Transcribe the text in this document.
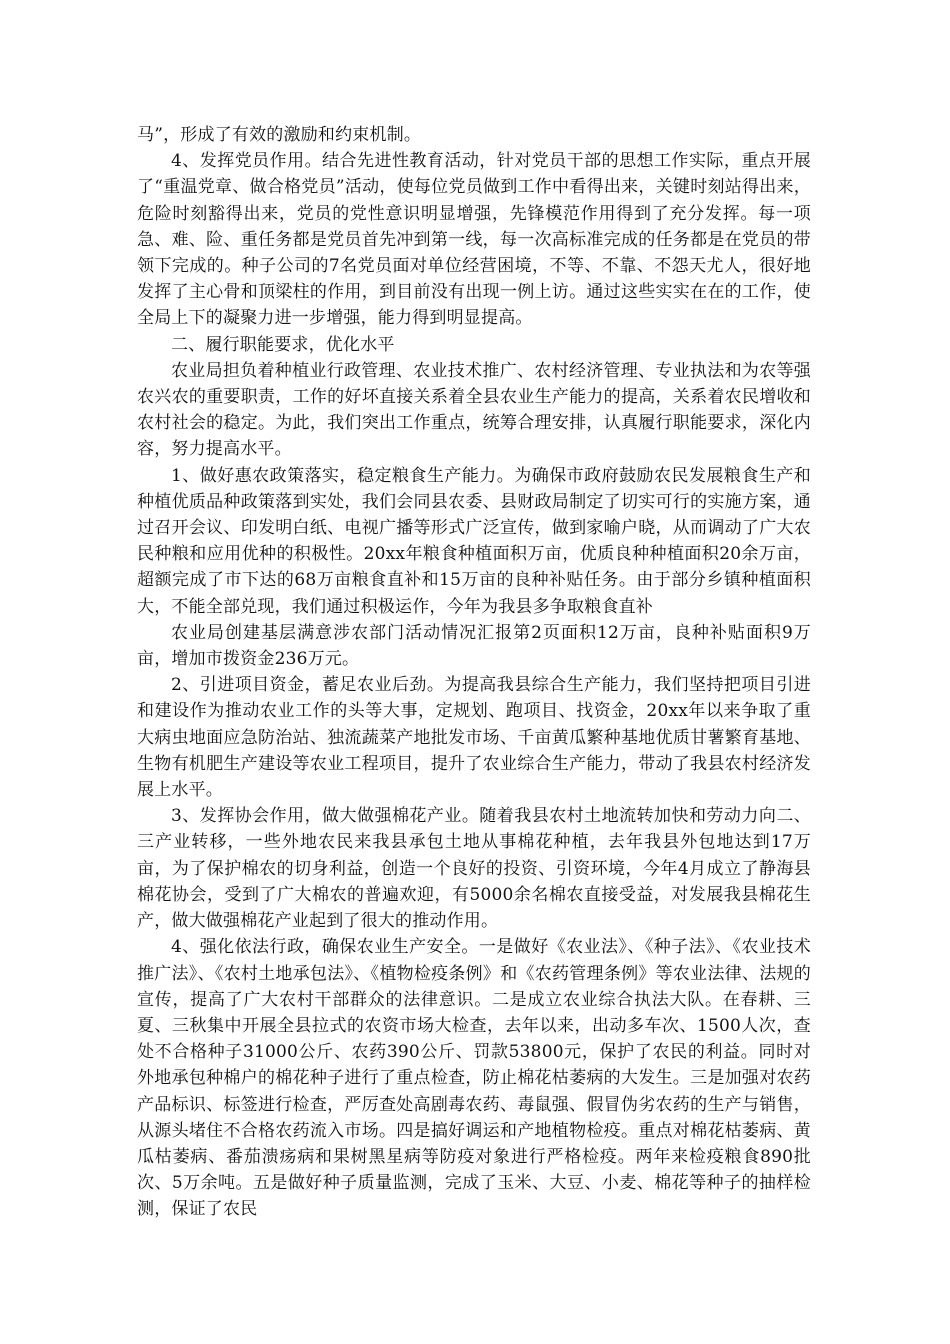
马”，形成了有效的激励和约束机制。

4、发挥党员作用。结合先进性教育活动，针对党员干部的思想工作实际，重点开展了“重温党章、做合格党员”活动，使每位党员做到工作中看得出来，关键时刻站得出来，危险时刻豁得出来，党员的党性意识明显增强，先锋模范作用得到了充分发挥。每一项急、难、险、重任务都是党员首先冲到第一线，每一次高标准完成的任务都是在党员的带领下完成的。种子公司的7名党员面对单位经营困境，不等、不靠、不怨天尤人，很好地发挥了主心骨和顶梁柱的作用，到目前没有出现一例上访。通过这些实实在在的工作，使全局上下的凝聚力进一步增强，能力得到明显提高。

二、履行职能要求，优化水平

农业局担负着种植业行政管理、农业技术推广、农村经济管理、专业执法和为农等强农兴农的重要职责，工作的好坏直接关系着全县农业生产能力的提高，关系着农民增收和农村社会的稳定。为此，我们突出工作重点，统筹合理安排，认真履行职能要求，深化内容，努力提高水平。

1、做好惠农政策落实，稳定粮食生产能力。为确保市政府鼓励农民发展粮食生产和种植优质品种政策落到实处，我们会同县农委、县财政局制定了切实可行的实施方案，通过召开会议、印发明白纸、电视广播等形式广泛宣传，做到家喻户晓，从而调动了广大农民种粮和应用优种的积极性。20xx年粮食种植面积万亩，优质良种种植面积20余万亩，超额完成了市下达的68万亩粮食直补和15万亩的良种补贴任务。由于部分乡镇种植面积大，不能全部兑现，我们通过积极运作，今年为我县多争取粮食直补

农业局创建基层满意涉农部门活动情况汇报第2页面积12万亩，良种补贴面积9万亩，增加市拨资金236万元。

2、引进项目资金，蓄足农业后劲。为提高我县综合生产能力，我们坚持把项目引进和建设作为推动农业工作的头等大事，定规划、跑项目、找资金，20xx年以来争取了重大病虫地面应急防治站、独流蔬菜产地批发市场、千亩黄瓜繁种基地优质甘薯繁育基地、生物有机肥生产建设等农业工程项目，提升了农业综合生产能力，带动了我县农村经济发展上水平。

3、发挥协会作用，做大做强棉花产业。随着我县农村土地流转加快和劳动力向二、三产业转移，一些外地农民来我县承包土地从事棉花种植，去年我县外包地达到17万亩，为了保护棉农的切身利益，创造一个良好的投资、引资环境，今年4月成立了静海县棉花协会，受到了广大棉农的普遍欢迎，有5000余名棉农直接受益，对发展我县棉花生产，做大做强棉花产业起到了很大的推动作用。

4、强化依法行政，确保农业生产安全。一是做好《农业法》、《种子法》、《农业技术推广法》、《农村土地承包法》、《植物检疫条例》和《农药管理条例》等农业法律、法规的宣传，提高了广大农村干部群众的法律意识。二是成立农业综合执法大队。在春耕、三夏、三秋集中开展全县拉式的农资市场大检查，去年以来，出动多车次、1500人次，查处不合格种子31000公斤、农药390公斤、罚款53800元，保护了农民的利益。同时对外地承包种棉户的棉花种子进行了重点检查，防止棉花枯萎病的大发生。三是加强对农药产品标识、标签进行检查，严厉查处高剧毒农药、毒鼠强、假冒伪劣农药的生产与销售，从源头堵住不合格农药流入市场。四是搞好调运和产地植物检疫。重点对棉花枯萎病、黄瓜枯萎病、番茄溃疡病和果树黑星病等防疫对象进行严格检疫。两年来检疫粮食890批次、5万余吨。五是做好种子质量监测，完成了玉米、大豆、小麦、棉花等种子的抽样检测，保证了农民
